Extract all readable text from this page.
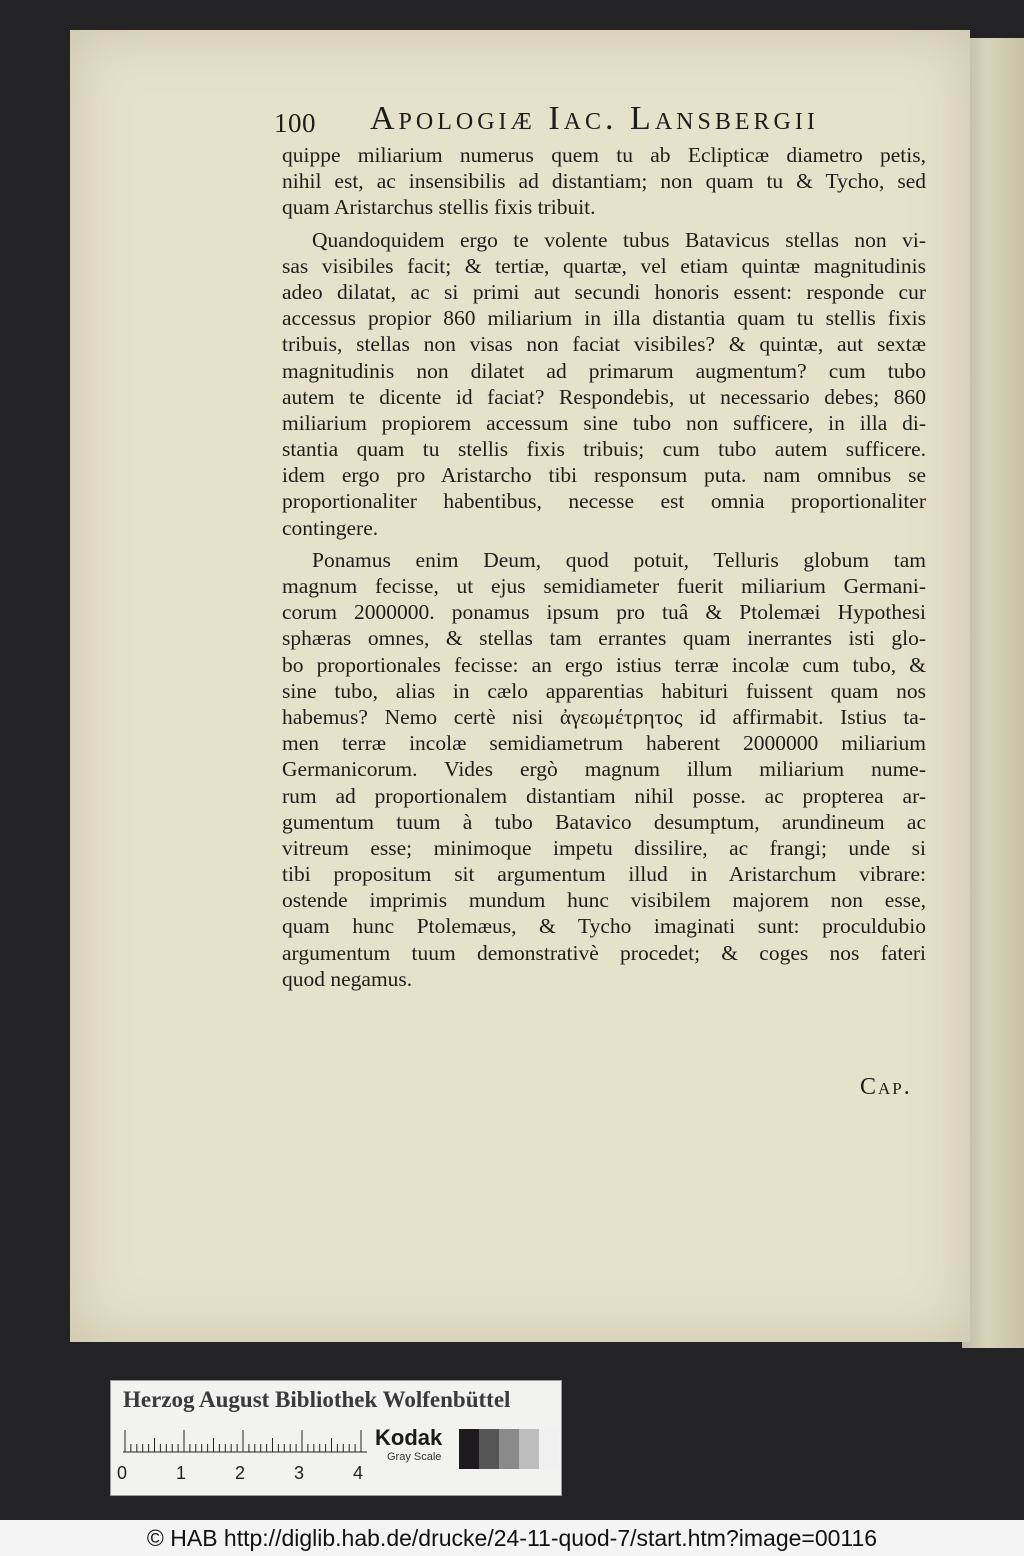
100 Apologiæ Iac. Lansbergii
quippe miliarium numerus quem tu ab Eclipticæ diametro petis,
nihil est, ac insensibilis ad distantiam; non quam tu & Tycho, sed
quam Aristarchus stellis fixis tribuit.
Quandoquidem ergo te volente tubus Batavicus stellas non vi-
sas visibiles facit; & tertiæ, quartæ, vel etiam quintæ magnitudinis
adeo dilatat, ac si primi aut secundi honoris essent: responde cur
accessus propior 860 miliarium in illa distantia quam tu stellis fixis
tribuis, stellas non visas non faciat visibiles? & quintæ, aut sextæ
magnitudinis non dilatet ad primarum augmentum? cum tubo
autem te dicente id faciat? Respondebis, ut necessario debes; 860
miliarium propiorem accessum sine tubo non sufficere, in illa di-
stantia quam tu stellis fixis tribuis; cum tubo autem sufficere.
idem ergo pro Aristarcho tibi responsum puta. nam omnibus se
proportionaliter habentibus, necesse est omnia proportionaliter
contingere.
Ponamus enim Deum, quod potuit, Telluris globum tam
magnum fecisse, ut ejus semidiameter fuerit miliarium Germani-
corum 2000000. ponamus ipsum pro tuâ & Ptolemæi Hypothesi
sphæras omnes, & stellas tam errantes quam inerrantes isti glo-
bo proportionales fecisse: an ergo istius terræ incolæ cum tubo, &
sine tubo, alias in cælo apparentias habituri fuissent quam nos
habemus? Nemo certè nisi ἀγεωμέτρητος id affirmabit. Istius ta-
men terræ incolæ semidiametrum haberent 2000000 miliarium
Germanicorum. Vides ergò magnum illum miliarium nume-
rum ad proportionalem distantiam nihil posse. ac propterea ar-
gumentum tuum à tubo Batavico desumptum, arundineum ac
vitreum esse; minimoque impetu dissilire, ac frangi; unde si
tibi propositum sit argumentum illud in Aristarchum vibrare:
ostende imprimis mundum hunc visibilem majorem non esse,
quam hunc Ptolemæus, & Tycho imaginati sunt: proculdubio
argumentum tuum demonstrativè procedet; & coges nos fateri
quod negamus.
Cap.
Herzog August Bibliothek Wolfenbüttel
0	1	2	3	4
Kodak
Gray Scale
© HAB http://diglib.hab.de/drucke/24-11-quod-7/start.htm?image=00116
